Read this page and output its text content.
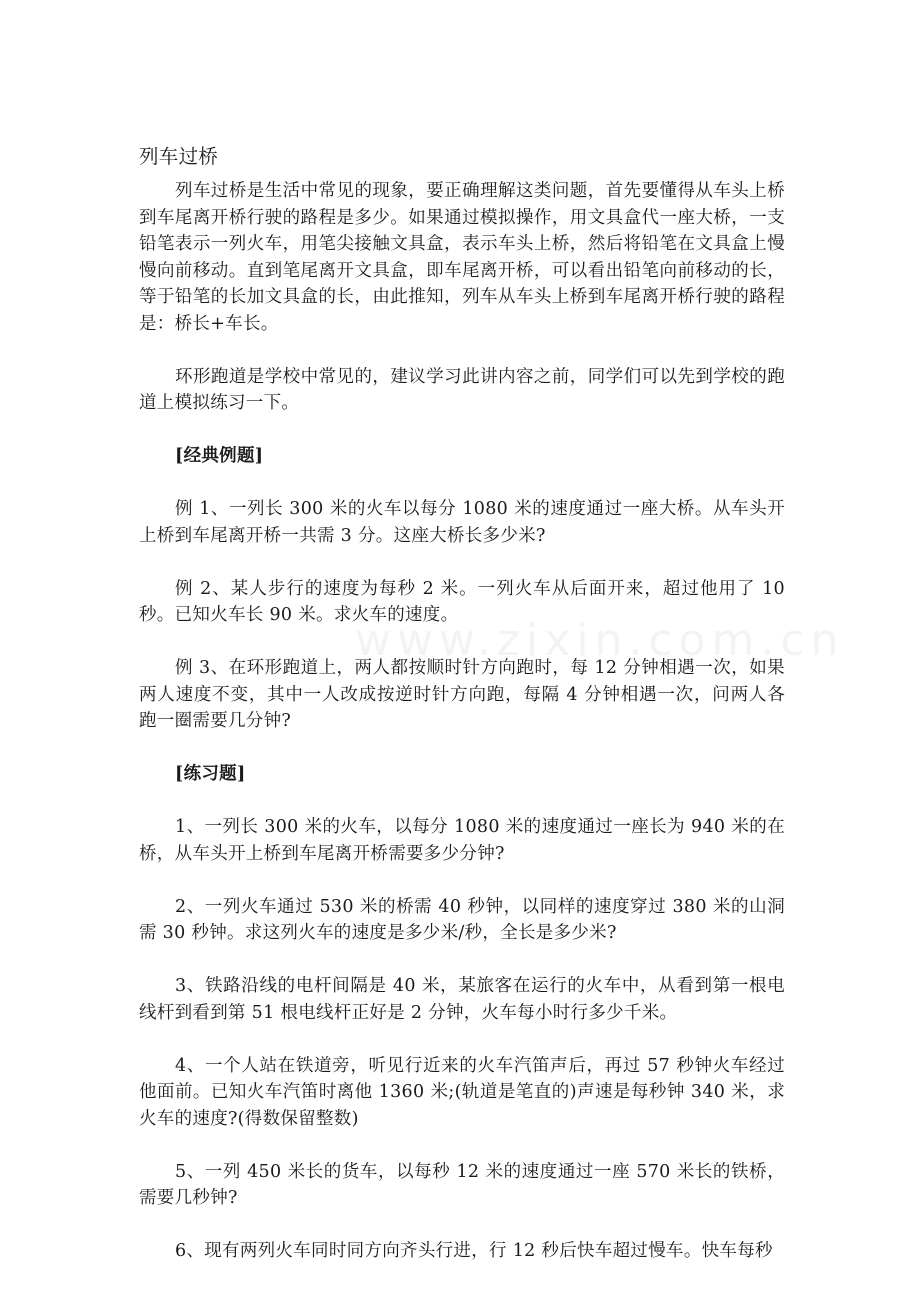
www.zixin.com.cn
列车过桥

列车过桥是生活中常见的现象，要正确理解这类问题，首先要懂得从车头上桥到车尾离开桥行驶的路程是多少。如果通过模拟操作，用文具盒代一座大桥，一支铅笔表示一列火车，用笔尖接触文具盒，表示车头上桥，然后将铅笔在文具盒上慢慢向前移动。直到笔尾离开文具盒，即车尾离开桥，可以看出铅笔向前移动的长，等于铅笔的长加文具盒的长，由此推知，列车从车头上桥到车尾离开桥行驶的路程是：桥长+车长。

环形跑道是学校中常见的，建议学习此讲内容之前，同学们可以先到学校的跑道上模拟练习一下。

[经典例题]

例 1、一列长 300 米的火车以每分 1080 米的速度通过一座大桥。从车头开上桥到车尾离开桥一共需 3 分。这座大桥长多少米?

例 2、某人步行的速度为每秒 2 米。一列火车从后面开来，超过他用了 10 秒。已知火车长 90 米。求火车的速度。

例 3、在环形跑道上，两人都按顺时针方向跑时，每 12 分钟相遇一次，如果两人速度不变，其中一人改成按逆时针方向跑，每隔 4 分钟相遇一次，问两人各跑一圈需要几分钟?

[练习题]

1、一列长 300 米的火车，以每分 1080 米的速度通过一座长为 940 米的在桥，从车头开上桥到车尾离开桥需要多少分钟?

2、一列火车通过 530 米的桥需 40 秒钟，以同样的速度穿过 380 米的山洞需 30 秒钟。求这列火车的速度是多少米/秒，全长是多少米?

3、铁路沿线的电杆间隔是 40 米，某旅客在运行的火车中，从看到第一根电线杆到看到第 51 根电线杆正好是 2 分钟，火车每小时行多少千米。

4、一个人站在铁道旁，听见行近来的火车汽笛声后，再过 57 秒钟火车经过他面前。已知火车汽笛时离他 1360 米;(轨道是笔直的)声速是每秒钟 340 米，求火车的速度?(得数保留整数)

5、一列 450 米长的货车，以每秒 12 米的速度通过一座 570 米长的铁桥，需要几秒钟?

6、现有两列火车同时同方向齐头行进，行 12 秒后快车超过慢车。快车每秒
